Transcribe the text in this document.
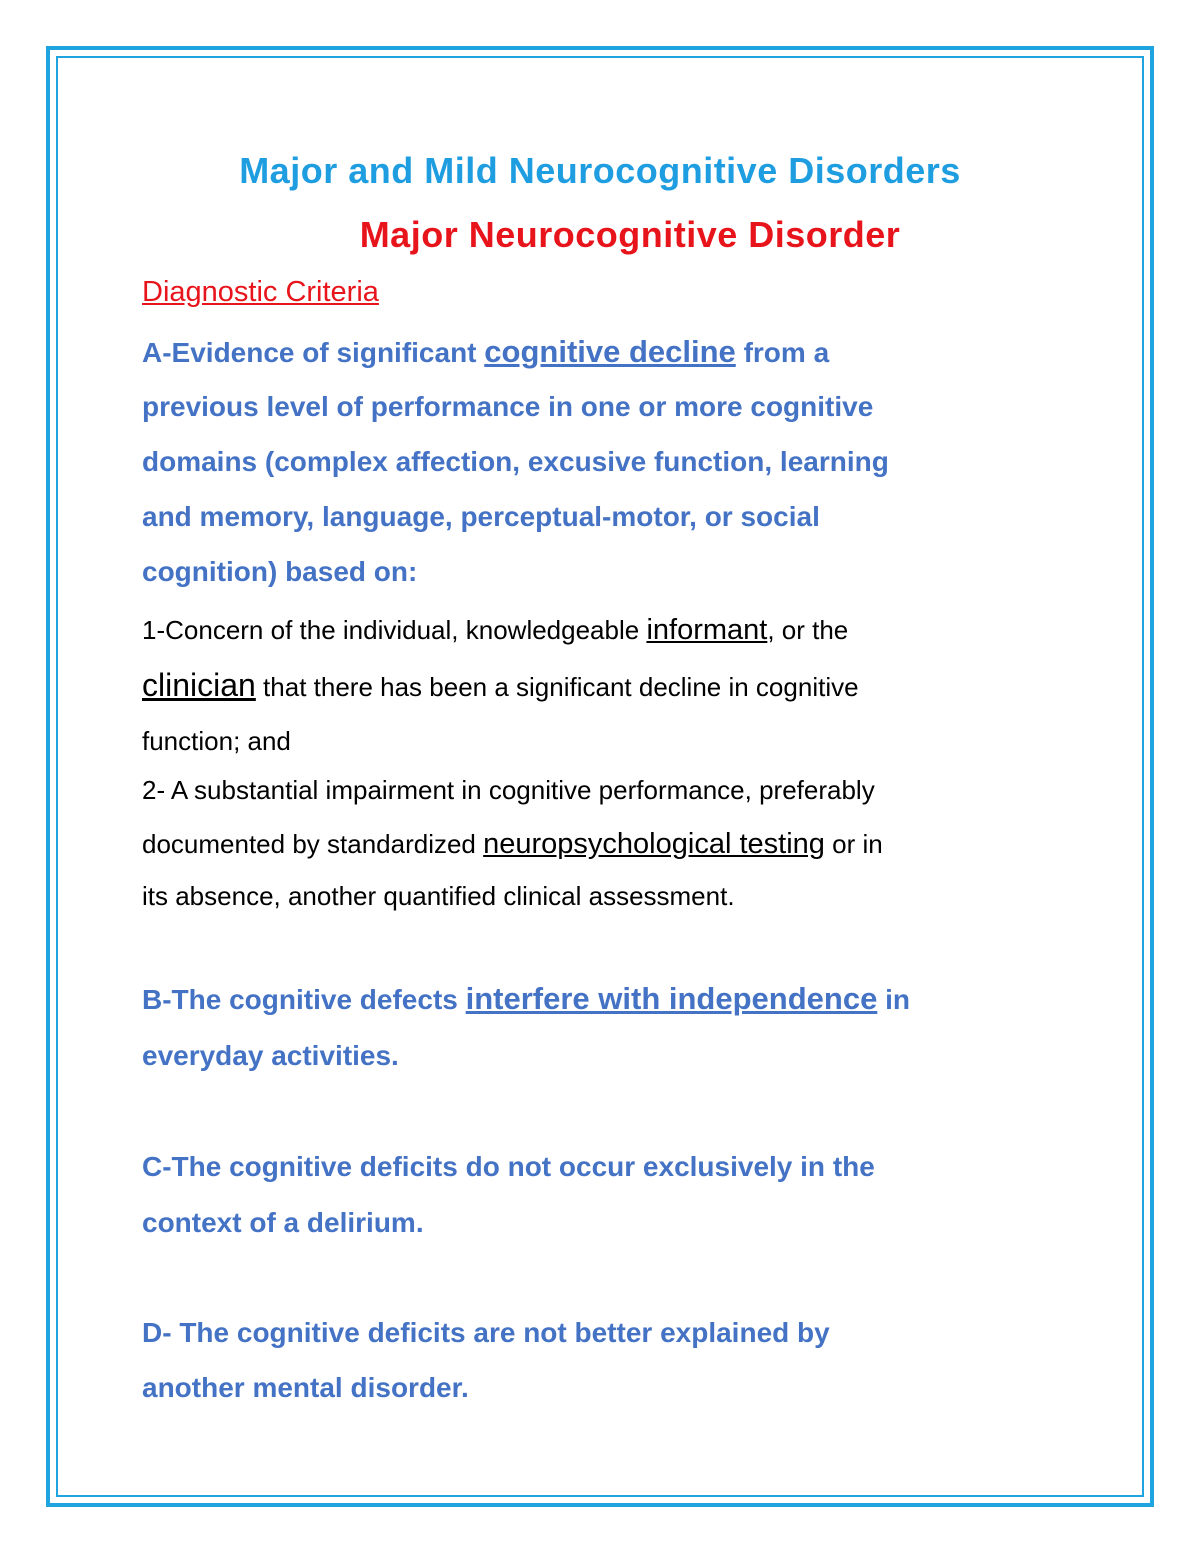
Major and Mild Neurocognitive Disorders
Major Neurocognitive Disorder

Diagnostic Criteria

A-Evidence of significant cognitive decline from a

previous level of performance in one or more cognitive

domains (complex affection, excusive function, learning

and memory, language, perceptual-motor, or social

cognition) based on:

1-Concern of the individual, knowledgeable informant, or the

clinician that there has been a significant decline in cognitive

function; and

2- A substantial impairment in cognitive performance, preferably

documented by standardized neuropsychological testing or in

its absence, another quantified clinical assessment.

B-The cognitive defects interfere with independence in

everyday activities.

C-The cognitive deficits do not occur exclusively in the

context of a delirium.

D- The cognitive deficits are not better explained by

another mental disorder.
